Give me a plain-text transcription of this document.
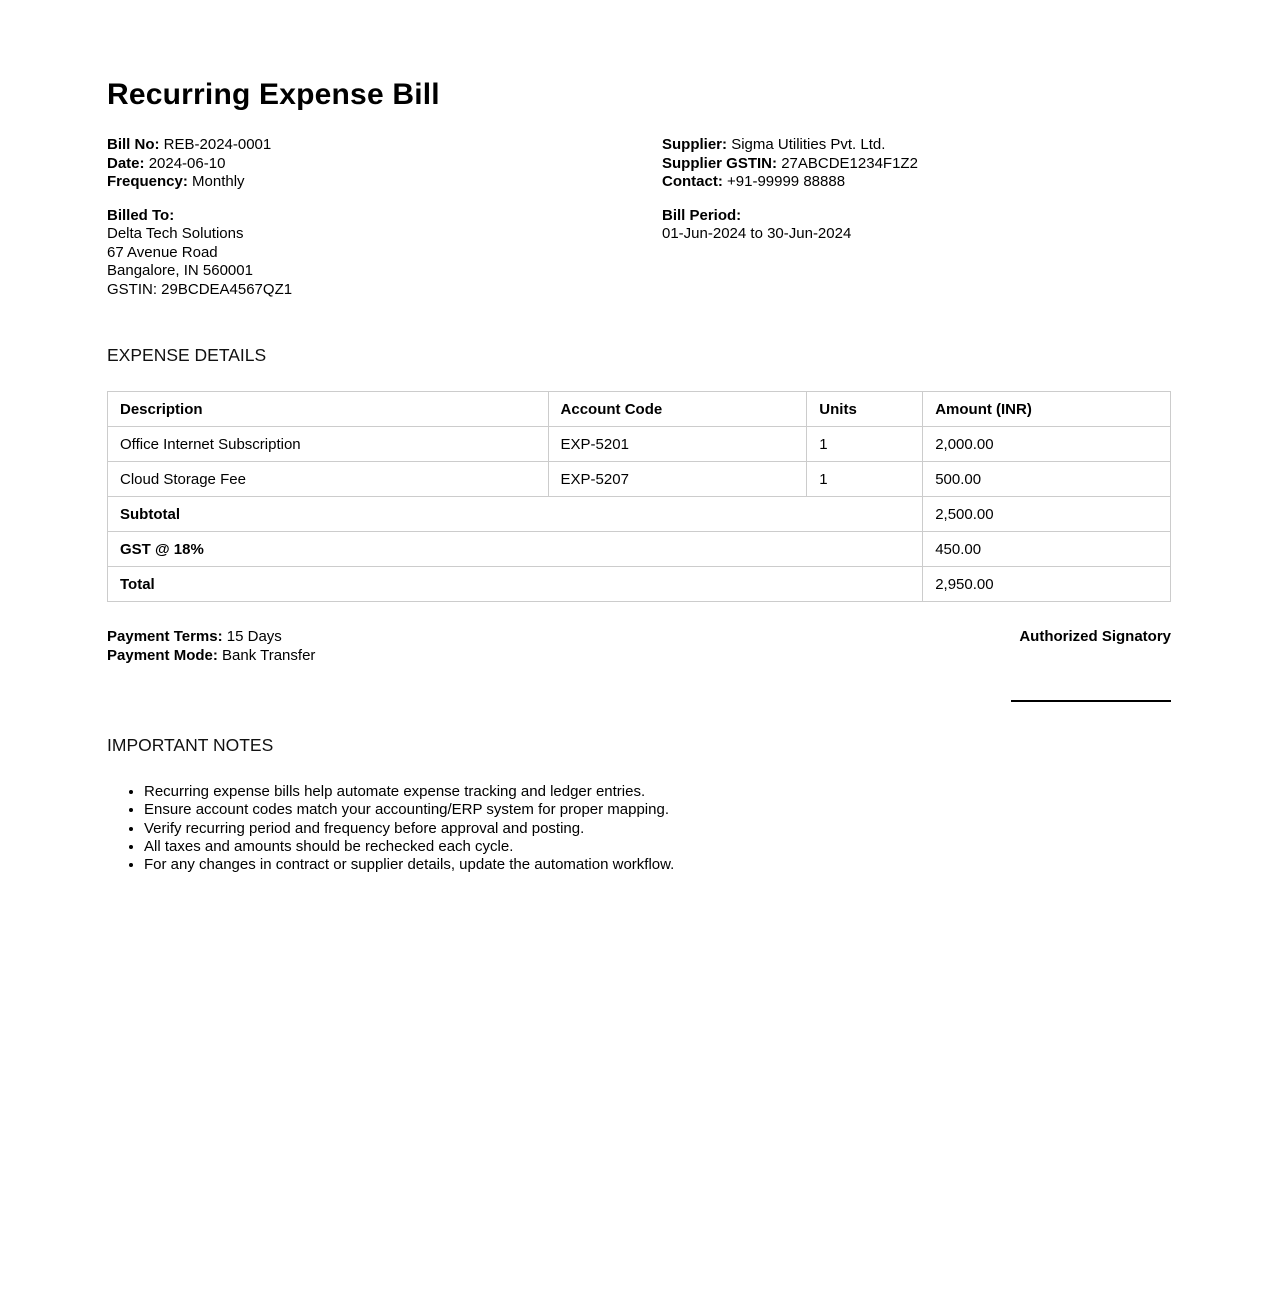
Recurring Expense Bill
Bill No: REB-2024-0001
Date: 2024-06-10
Frequency: Monthly
Supplier: Sigma Utilities Pvt. Ltd.
Supplier GSTIN: 27ABCDE1234F1Z2
Contact: +91-99999 88888
Billed To:
Delta Tech Solutions
67 Avenue Road
Bangalore, IN 560001
GSTIN: 29BCDEA4567QZ1
Bill Period:
01-Jun-2024 to 30-Jun-2024
EXPENSE DETAILS
Description	Account Code	Units	Amount (INR)
Office Internet Subscription	EXP-5201	1	2,000.00
Cloud Storage Fee	EXP-5207	1	500.00
Subtotal			2,500.00
GST @ 18%			450.00
Total			2,950.00
Payment Terms: 15 Days
Payment Mode: Bank Transfer
Authorized Signatory
IMPORTANT NOTES
• Recurring expense bills help automate expense tracking and ledger entries.
• Ensure account codes match your accounting/ERP system for proper mapping.
• Verify recurring period and frequency before approval and posting.
• All taxes and amounts should be rechecked each cycle.
• For any changes in contract or supplier details, update the automation workflow.
